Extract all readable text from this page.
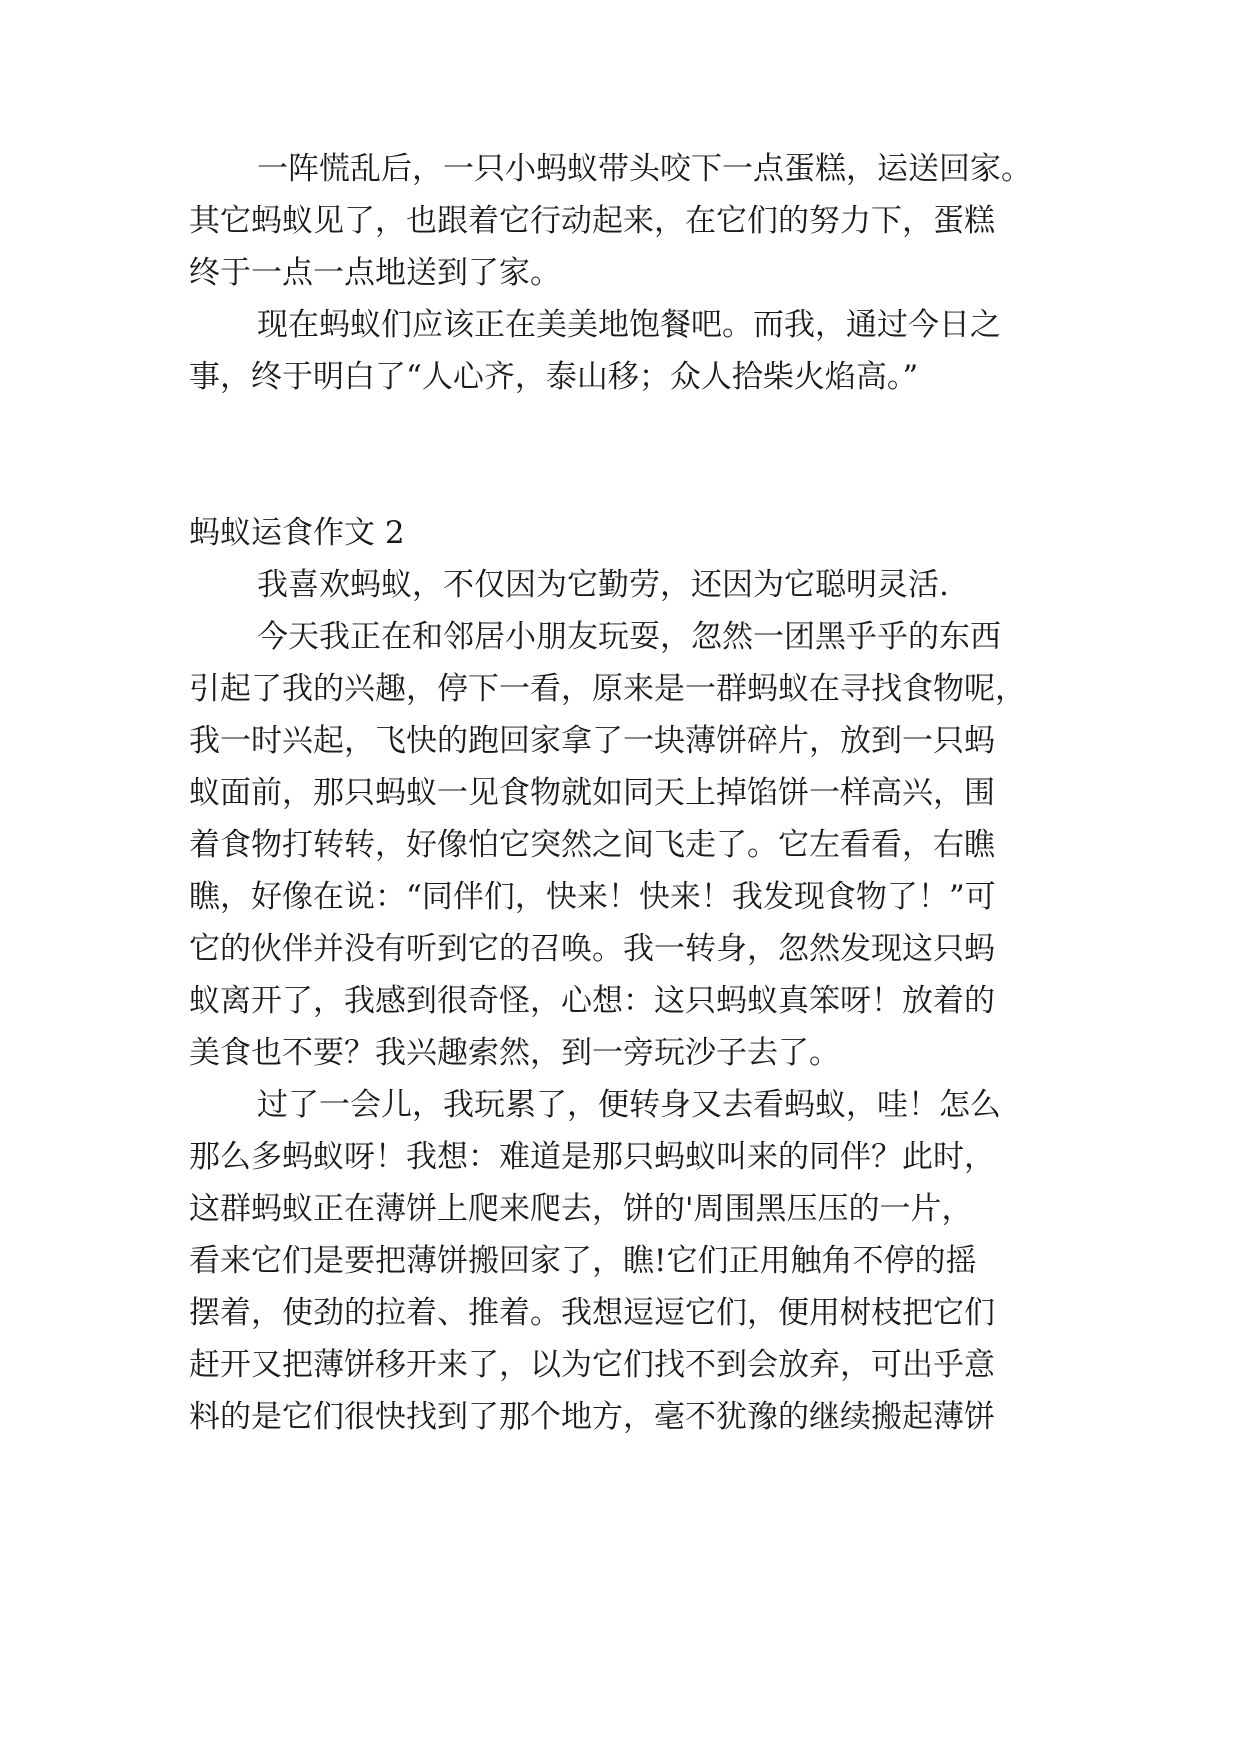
一阵慌乱后，一只小蚂蚁带头咬下一点蛋糕，运送回家。
其它蚂蚁见了，也跟着它行动起来，在它们的努力下，蛋糕
终于一点一点地送到了家。
现在蚂蚁们应该正在美美地饱餐吧。而我，通过今日之
事，终于明白了“人心齐，泰山移；众人拾柴火焰高。”
蚂蚁运食作文 2
我喜欢蚂蚁，不仅因为它勤劳，还因为它聪明灵活.
今天我正在和邻居小朋友玩耍，忽然一团黑乎乎的东西
引起了我的兴趣，停下一看，原来是一群蚂蚁在寻找食物呢，
我一时兴起，飞快的跑回家拿了一块薄饼碎片，放到一只蚂
蚁面前，那只蚂蚁一见食物就如同天上掉馅饼一样高兴，围
着食物打转转，好像怕它突然之间飞走了。它左看看，右瞧
瞧，好像在说：“同伴们，快来！快来！我发现食物了！”可
它的伙伴并没有听到它的召唤。我一转身，忽然发现这只蚂
蚁离开了，我感到很奇怪，心想：这只蚂蚁真笨呀！放着的
美食也不要？我兴趣索然，到一旁玩沙子去了。
过了一会儿，我玩累了，便转身又去看蚂蚁，哇！怎么
那么多蚂蚁呀！我想：难道是那只蚂蚁叫来的同伴？此时，
这群蚂蚁正在薄饼上爬来爬去，饼的'周围黑压压的一片，
看来它们是要把薄饼搬回家了，瞧!它们正用触角不停的摇
摆着，使劲的拉着、推着。我想逗逗它们，便用树枝把它们
赶开又把薄饼移开来了，以为它们找不到会放弃，可出乎意
料的是它们很快找到了那个地方，毫不犹豫的继续搬起薄饼
